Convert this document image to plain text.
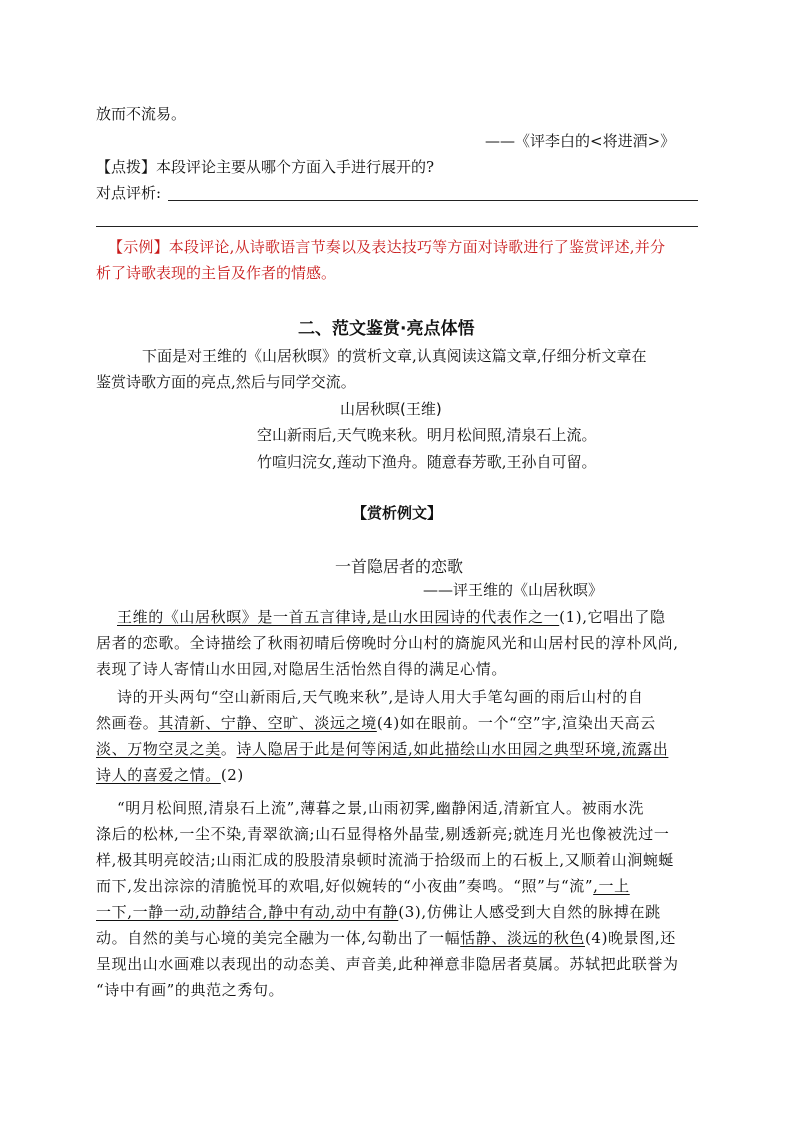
放而不流易。
——《评李白的<将进酒>》
【点拨】本段评论主要从哪个方面入手进行展开的?
对点评析:
【示例】本段评论,从诗歌语言节奏以及表达技巧等方面对诗歌进行了鉴赏评述,并分
析了诗歌表现的主旨及作者的情感。
二、范文鉴赏·亮点体悟
下面是对王维的《山居秋暝》的赏析文章,认真阅读这篇文章,仔细分析文章在
鉴赏诗歌方面的亮点,然后与同学交流。
山居秋暝(王维)
空山新雨后,天气晚来秋。明月松间照,清泉石上流。
竹喧归浣女,莲动下渔舟。随意春芳歌,王孙自可留。
【赏析例文】
一首隐居者的恋歌
——评王维的《山居秋暝》
王维的《山居秋暝》是一首五言律诗,是山水田园诗的代表作之一(1),它唱出了隐
居者的恋歌。全诗描绘了秋雨初晴后傍晚时分山村的旖旎风光和山居村民的淳朴风尚,
表现了诗人寄情山水田园,对隐居生活怡然自得的满足心情。
诗的开头两句“空山新雨后,天气晚来秋”,是诗人用大手笔勾画的雨后山村的自
然画卷。其清新、宁静、空旷、淡远之境(4)如在眼前。一个“空”字,渲染出天高云
淡、万物空灵之美。诗人隐居于此是何等闲适,如此描绘山水田园之典型环境,流露出
诗人的喜爱之情。(2)
“明月松间照,清泉石上流”,薄暮之景,山雨初霁,幽静闲适,清新宜人。被雨水洗
涤后的松林,一尘不染,青翠欲滴;山石显得格外晶莹,剔透新亮;就连月光也像被洗过一
样,极其明亮皎洁;山雨汇成的股股清泉顿时流淌于拾级而上的石板上,又顺着山涧蜿蜒
而下,发出淙淙的清脆悦耳的欢唱,好似婉转的“小夜曲”奏鸣。“照”与“流”,一上
一下,一静一动,动静结合,静中有动,动中有静(3),仿佛让人感受到大自然的脉搏在跳
动。自然的美与心境的美完全融为一体,勾勒出了一幅恬静、淡远的秋色(4)晚景图,还
呈现出山水画难以表现出的动态美、声音美,此种禅意非隐居者莫属。苏轼把此联誉为
“诗中有画”的典范之秀句。
